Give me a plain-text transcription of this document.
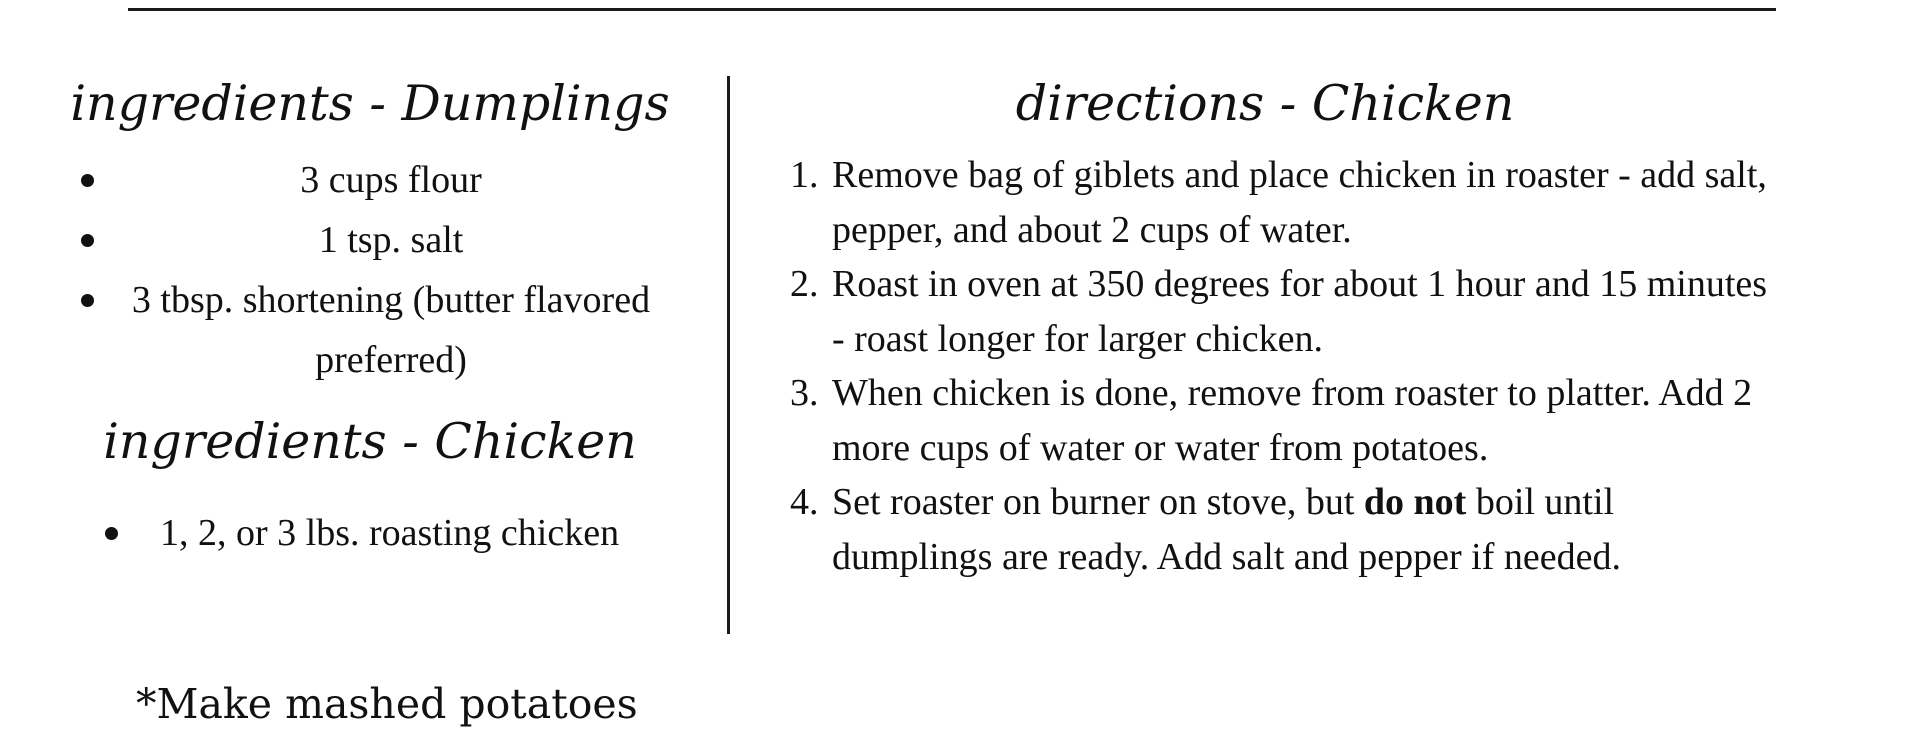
ingredients - Dumplings
3 cups flour
1 tsp. salt
3 tbsp. shortening (butter flavored preferred)
ingredients - Chicken
1, 2, or 3 lbs. roasting chicken
directions - Chicken
1. Remove bag of giblets and place chicken in roaster - add salt, pepper, and about 2 cups of water.
2. Roast in oven at 350 degrees for about 1 hour and 15 minutes - roast longer for larger chicken.
3. When chicken is done, remove from roaster to platter. Add 2 more cups of water or water from potatoes.
4. Set roaster on burner on stove, but do not boil until dumplings are ready. Add salt and pepper if needed.

*Make mashed potatoes
